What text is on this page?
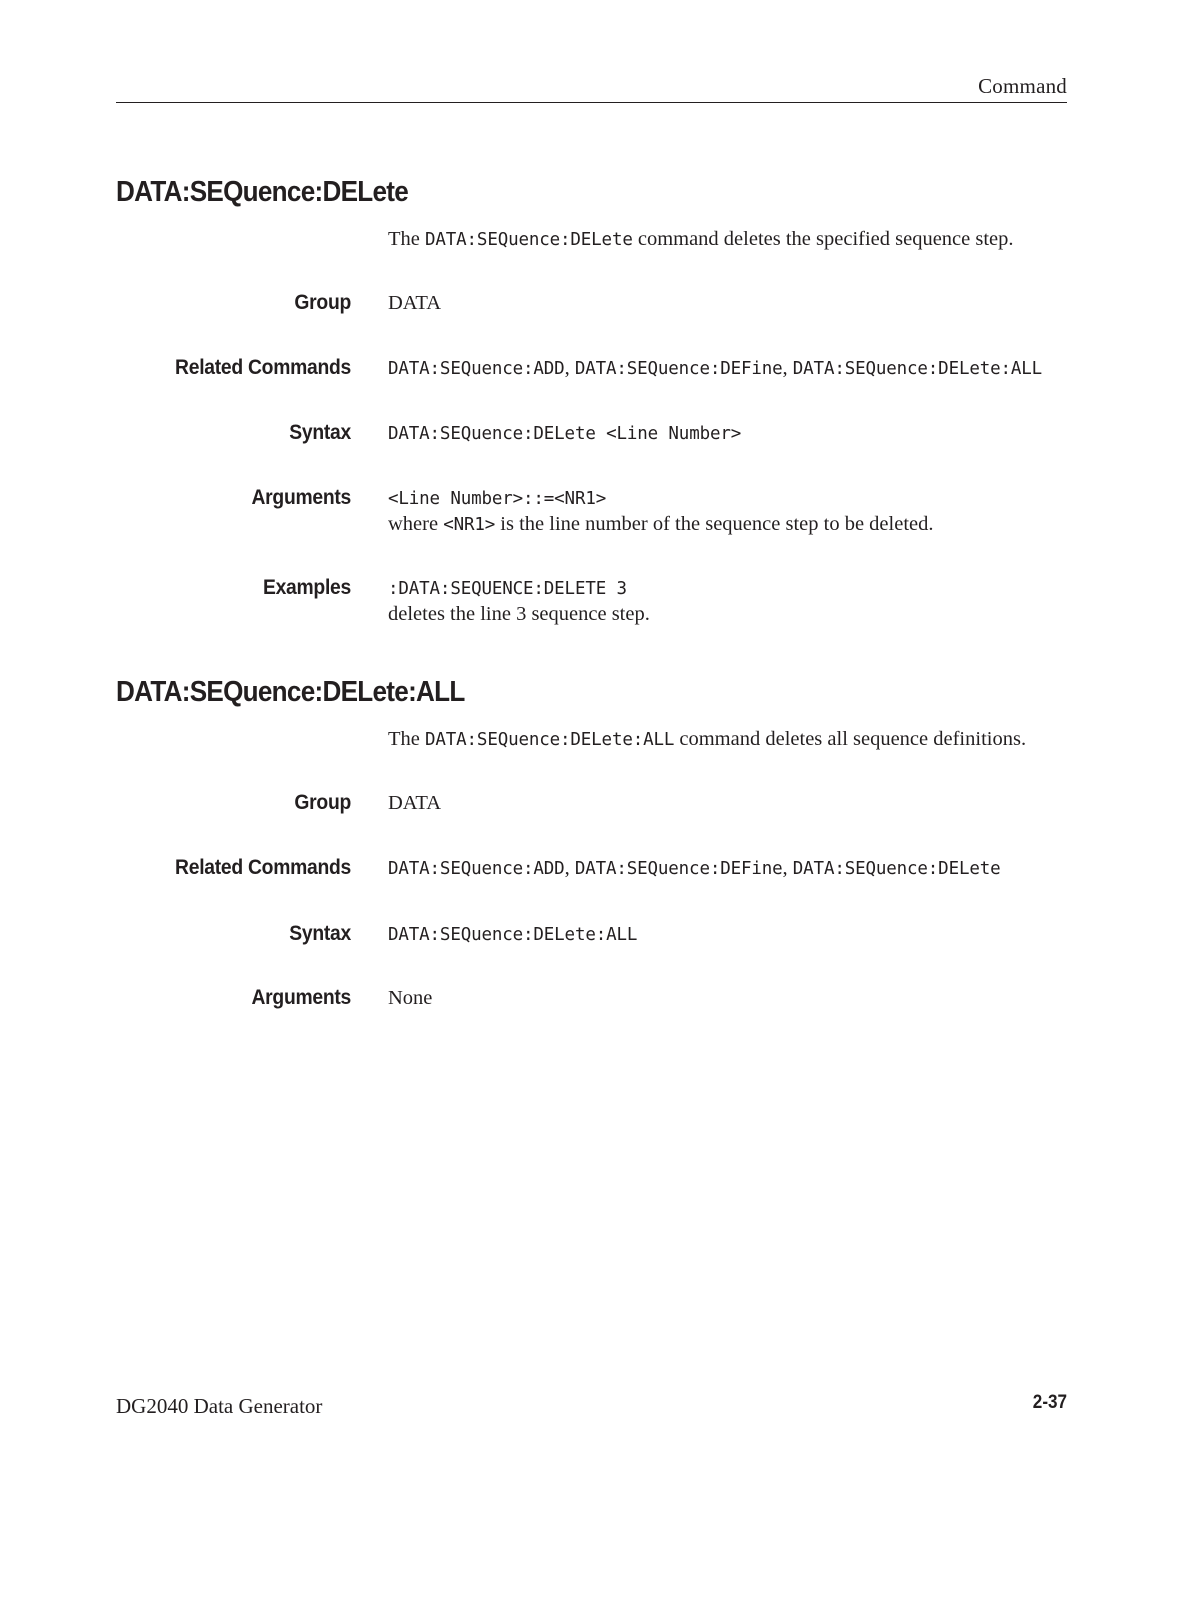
Command
DATA:SEQuence:DELete
The DATA:SEQuence:DELete command deletes the specified sequence step.
Group DATA
Related Commands DATA:SEQuence:ADD, DATA:SEQuence:DEFine, DATA:SEQuence:DELete:ALL
Syntax DATA:SEQuence:DELete <Line Number>
Arguments <Line Number>::=<NR1>
where <NR1> is the line number of the sequence step to be deleted.
Examples :DATA:SEQUENCE:DELETE 3
deletes the line 3 sequence step.
DATA:SEQuence:DELete:ALL
The DATA:SEQuence:DELete:ALL command deletes all sequence definitions.
Group DATA
Related Commands DATA:SEQuence:ADD, DATA:SEQuence:DEFine, DATA:SEQuence:DELete
Syntax DATA:SEQuence:DELete:ALL
Arguments None
DG2040 Data Generator	2-37
